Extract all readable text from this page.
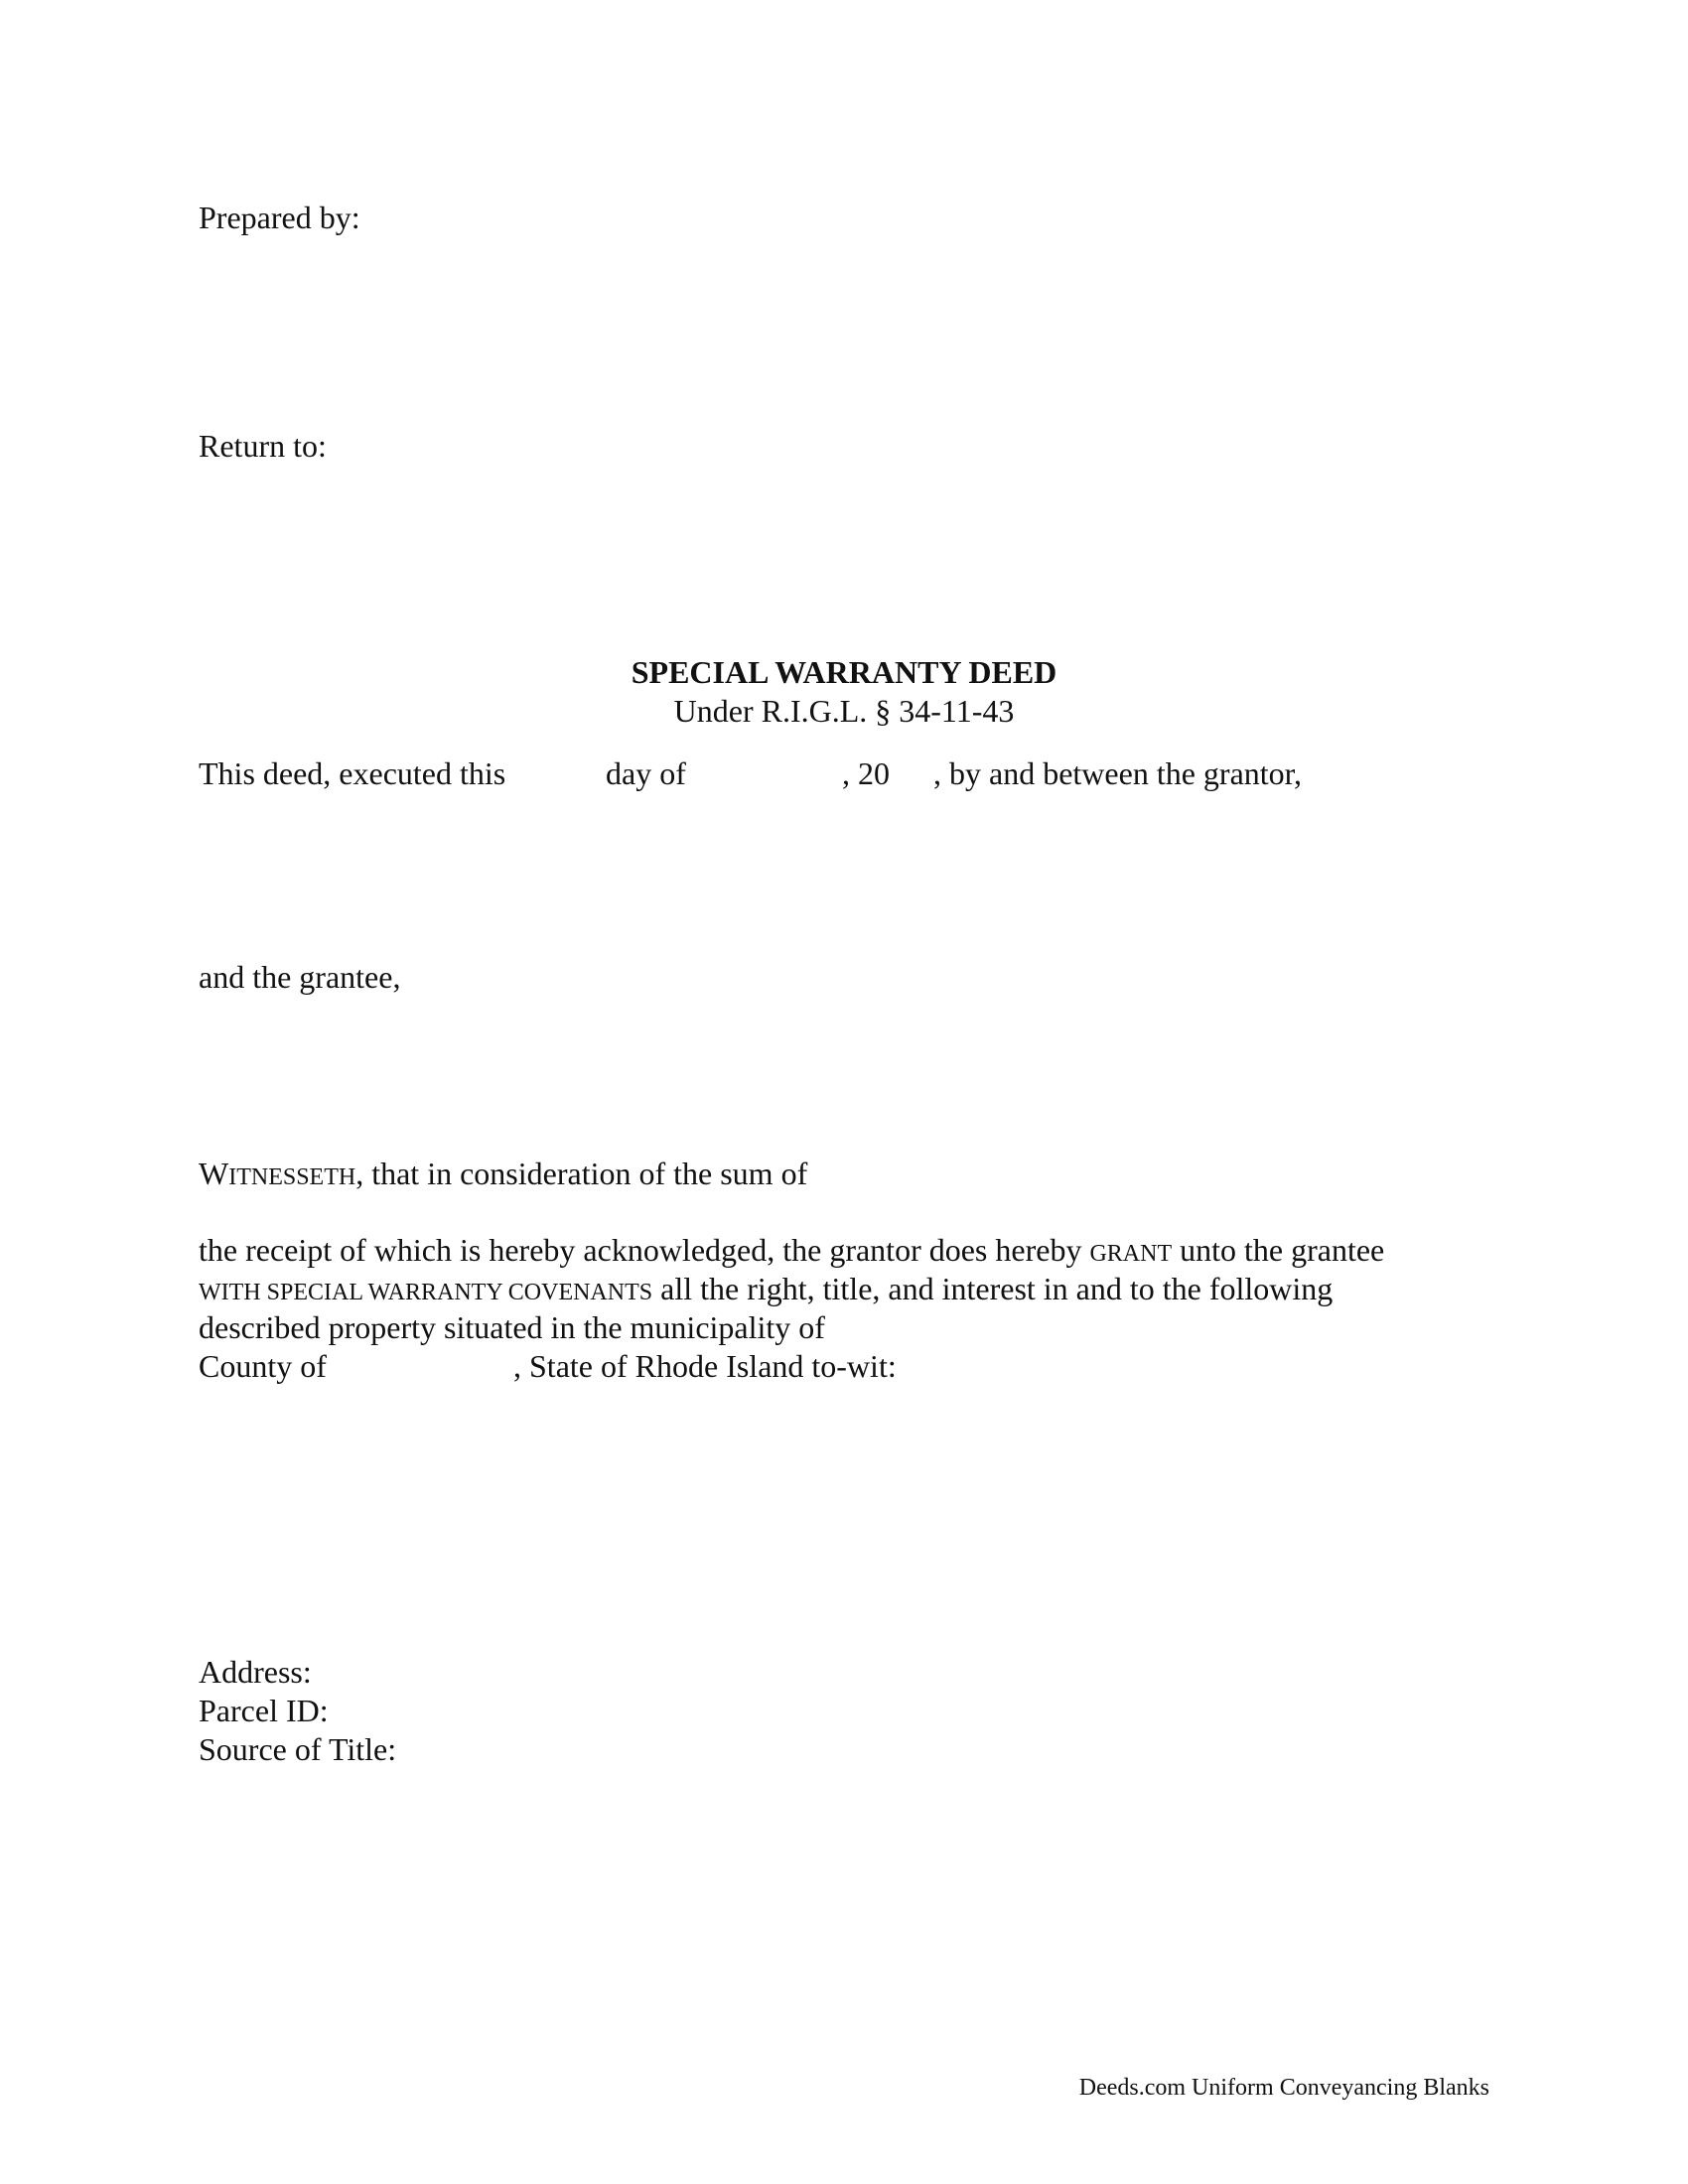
Prepared by:
Return to:
SPECIAL WARRANTY DEED
Under R.I.G.L. § 34-11-43
This deed, executed this	day of	, 20 , by and between the grantor,
and the grantee,
WITNESSETH, that in consideration of the sum of
the receipt of which is hereby acknowledged, the grantor does hereby GRANT unto the grantee
WITH SPECIAL WARRANTY COVENANTS all the right, title, and interest in and to the following
described property situated in the municipality of
County of	, State of Rhode Island to-wit:
Address:
Parcel ID:
Source of Title:
Deeds.com Uniform Conveyancing Blanks
